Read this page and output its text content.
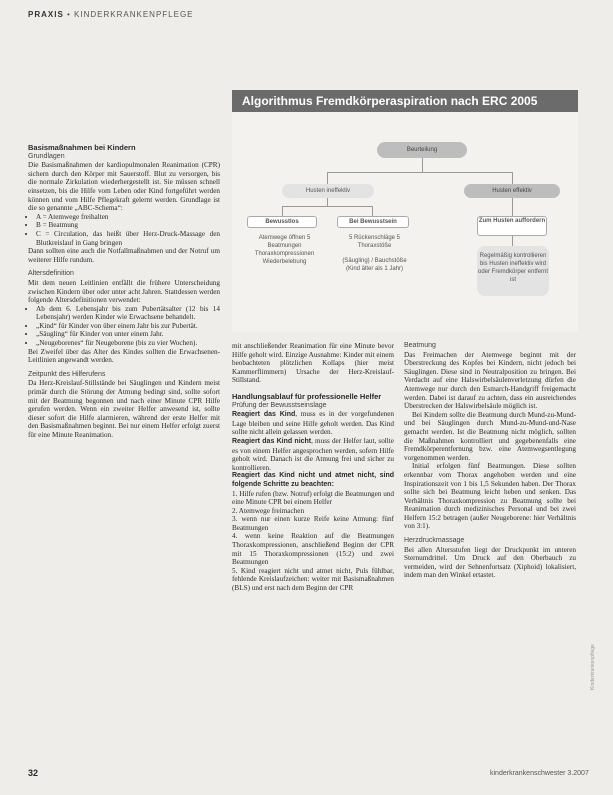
PRAXIS • KINDERKRANKENPFLEGE
Algorithmus Fremdkörperaspiration nach ERC 2005
Beurteilung
Husten ineffektiv	Husten effektiv
Bewusstlos	Bei Bewusstsein	Zum Husten auffordern
Atemwege öffnen 5 Beatmungen Thoraxkompressionen Wiederbelebung
5 Rückenschläge 5 Thoraxstöße
(Säugling) / Bauchstöße (Kind älter als 1 Jahr)
Regelmäßig kontrollieren bis Husten ineffektiv wird oder Fremdkörper entfernt ist
Basismaßnahmen bei Kindern
Grundlagen

Die Basismaßnahmen der kardiopulmonalen Reanimation (CPR) sichern durch den Körper mit Sauerstoff. Blut zu versorgen, bis die normale Zirkulation wiederhergestellt ist. Sie müssen schnell einsetzen, bis die Hilfe vom Leben oder Kind fortgeführt werden können und vom Hilfe Pflegekraft gelernt werden. Grundlage ist die so genannte „ABC-Schema“:

• A = Atemwege freihalten
• B = Beatmung
• C = Circulation, das heißt über Herz-Druck-Massage den Blutkreislauf in Gang bringen

Dann sollten eine auch die Notfallmaßnahmen und der Notruf um weiterer Hilfe rundum.

Altersdefinition

Mit dem neuen Leitlinien entfällt die frühere Unterscheidung zwischen Kindern über oder unter acht Jahren. Stattdessen werden folgende Altersdefinitionen verwendet:

• Ab dem 6. Lebensjahr bis zum Pubertätsalter (12 bis 14 Lebensjahr) werden Kinder wie Erwachsene behandelt.
• „Kind“ für Kinder von über einem Jahr bis zur Pubertät.
• „Säugling“ für Kinder von unter einem Jahr.
• „Neugeborenes“ für Neugeborene (bis zu vier Wochen).

Bei Zweifel über das Alter des Kindes sollten die Erwachsenen-Leitlinien angewandt werden.

Zeitpunkt des Hilferufens

Da Herz-Kreislauf-Stillstände bei Säuglingen und Kindern meist primär durch die Störung der Atmung bedingt sind, sollte sofort mit der Beatmung begonnen und nach einer Minute CPR Hilfe gerufen werden. Wenn ein zweiter Helfer anwesend ist, sollte dieser sofort die Hilfe alarmieren, während der erste Helfer mit den Basismaßnahmen beginnt. Bei nur einem Helfer erfolgt zuerst für eine Minute Reanimation.

mit anschließender Reanimation für eine Minute bevor Hilfe geholt wird. Einzige Ausnahme: Kinder mit einem beobachteten plötzlichen Kollaps (hier meist Kammerflimmern) Ursache der Herz-Kreislauf-Stillstand.

Handlungsablauf für professionelle Helfer
Prüfung der Bewusstseinslage

Reagiert das Kind, muss es in der vorgefundenen Lage bleiben und seine Hilfe geholt werden. Das Kind sollte nicht allein gelassen werden.

Reagiert das Kind nicht, muss der Helfer laut, sollte es von einem Helfer angesprochen werden, sofern Hilfe geholt wird. Danach ist die Atmung frei und sicher zu kontrollieren.

Reagiert das Kind nicht und atmet nicht, sind folgende Schritte zu beachten:

1. Hilfe rufen (bzw. Notruf) erfolgt die Beatmungen und eine Minute CPR bei einem Helfer

2. Atemwege freimachen

3. wenn nur einen kurze Reife keine Atmung: fünf Beatmungen

4. wenn keine Reaktion auf die Beatmungen Thoraxkompressionen, anschließend Beginn der CPR mit 15 Thoraxkompressionen (15:2) und zwei Beatmungen

5. Kind reagiert nicht und atmet nicht, Puls fühlbar, fehlende Kreislaufzeichen: weiter mit Basismaßnahmen (BLS) und erst nach dem Beginn der CPR

Beatmung

Das Freimachen der Atemwege beginnt mit der Überstreckung des Kopfes bei Kindern, nicht jedoch bei Säuglingen. Diese sind in Neutralposition zu bringen. Bei Verdacht auf eine Halswirbelsäulenverletzung dürfen die Atemwege nur durch den Esmarch-Handgriff freigemacht werden. Dabei ist darauf zu achten, dass ein ausreichendes Überstrecken der Halswirbelsäule möglich ist.

Bei Kindern sollte die Beatmung durch Mund-zu-Mund- und bei Säuglingen durch Mund-zu-Mund-und-Nase gemacht werden. Ist die Beatmung nicht möglich, sollten die Maßnahmen kontrolliert und gegebenenfalls eine Fremdkörperentfernung bzw. eine Atemwegsentlegung vorgenommen werden.

Initial erfolgen fünf Beatmungen. Diese sollten erkennbar vom Thorax angehoben werden und eine Inspirationszeit von 1 bis 1,5 Sekunden haben. Der Thorax sollte sich bei Beatmung leicht heben und senken. Das Verhältnis Thoraxkompression zu Beatmung sollte bei Reanimation durch medizinisches Personal und bei zwei Helfern 15:2 betragen (außer Neugeborene: hier Verhältnis von 3:1).

Herzdruckmassage

Bei allen Altersstufen liegt der Druckpunkt im unteren Sternumdrittel. Um Druck auf den Oberbauch zu vermeiden, wird der Sehnenfortsatz (Xiphoid) lokalisiert, indem man den Winkel ertastet.

32	kinderkrankenschwester 3.2007
Kinderkrankenpflege
